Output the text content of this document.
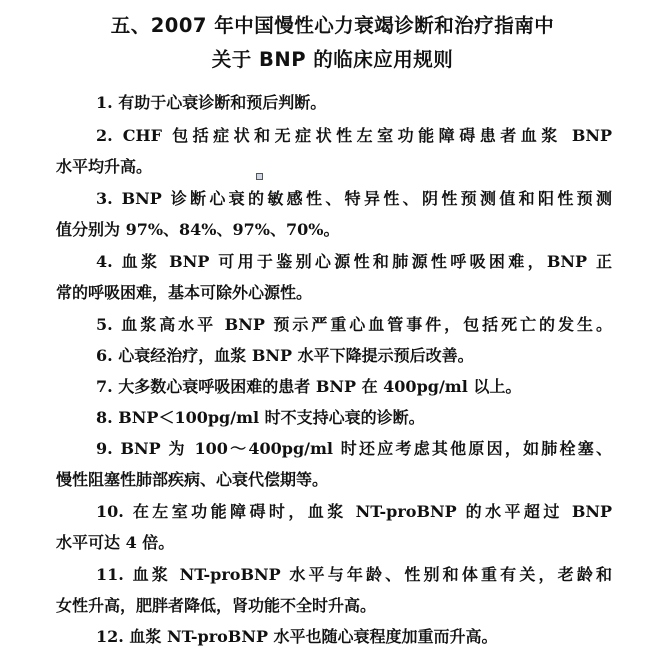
五、2007 年中国慢性心力衰竭诊断和治疗指南中
关于 BNP 的临床应用规则

1. 有助于心衰诊断和预后判断。

2. CHF 包括症状和无症状性左室功能障碍患者血浆 BNP
水平均升高。

3. BNP 诊断心衰的敏感性、特异性、阴性预测值和阳性预测
值分别为 97%、84%、97%、70%。

4. 血浆 BNP 可用于鉴别心源性和肺源性呼吸困难，BNP 正
常的呼吸困难，基本可除外心源性。

5. 血浆高水平 BNP 预示严重心血管事件，包括死亡的发生。

6. 心衰经治疗，血浆 BNP 水平下降提示预后改善。

7. 大多数心衰呼吸困难的患者 BNP 在 400pg/ml 以上。

8. BNP＜100pg/ml 时不支持心衰的诊断。

9. BNP 为 100～400pg/ml 时还应考虑其他原因，如肺栓塞、
慢性阻塞性肺部疾病、心衰代偿期等。

10. 在左室功能障碍时，血浆 NT-proBNP 的水平超过 BNP
水平可达 4 倍。

11. 血浆 NT-proBNP 水平与年龄、性别和体重有关，老龄和
女性升高，肥胖者降低，肾功能不全时升高。

12. 血浆 NT-proBNP 水平也随心衰程度加重而升高。
